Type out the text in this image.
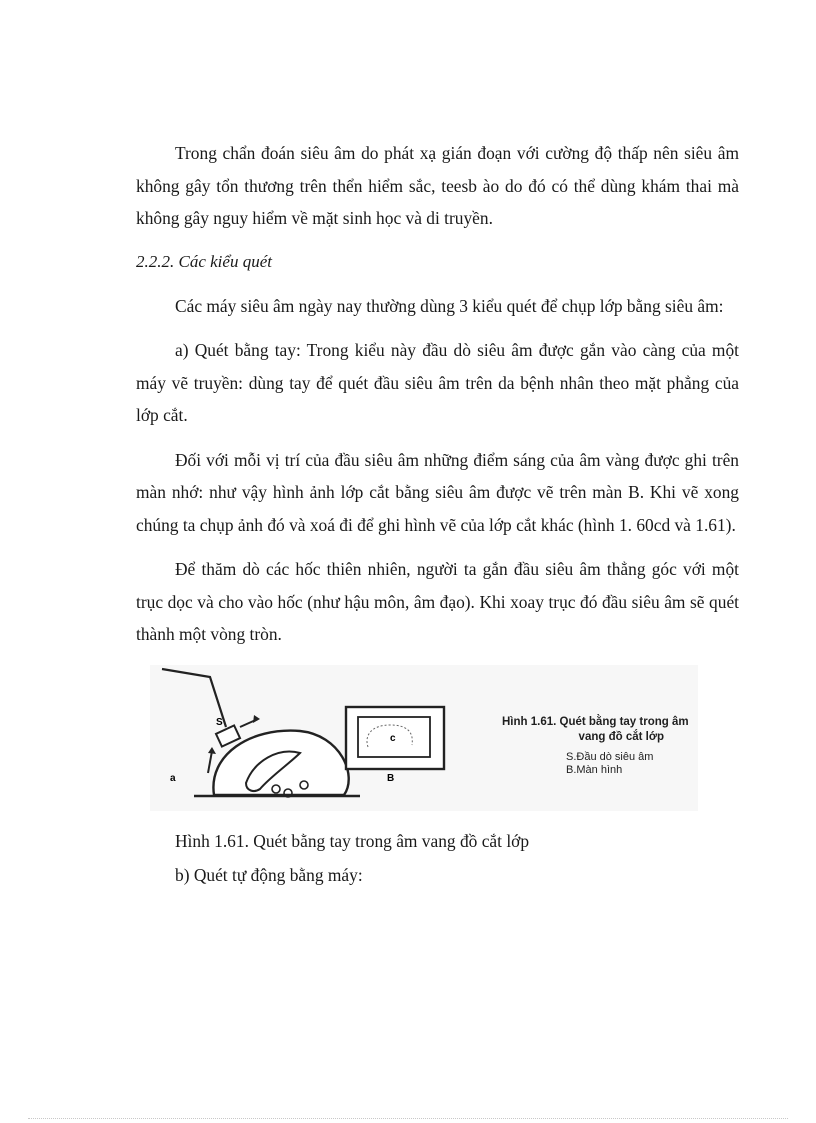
Trong chẩn đoán siêu âm do phát xạ gián đoạn với cường độ thấp nên siêu âm không gây tổn thương trên thển hiểm sắc, teesb ào do đó có thể dùng khám thai mà không gây nguy hiểm về mặt sinh học và di truyền.

2.2.2. Các kiểu quét

Các máy siêu âm ngày nay thường dùng 3 kiểu quét để chụp lớp bằng siêu âm:

a) Quét bằng tay: Trong kiểu này đầu dò siêu âm được gắn vào càng của một máy vẽ truyền: dùng tay để quét đầu siêu âm trên da bệnh nhân theo mặt phẳng của lớp cắt.

Đối với mỗi vị trí của đầu siêu âm những điểm sáng của âm vàng được ghi trên màn nhớ: như vậy hình ảnh lớp cắt bằng siêu âm được vẽ trên màn B. Khi vẽ xong chúng ta chụp ảnh đó và xoá đi để ghi hình vẽ của lớp cắt khác (hình 1. 60cd và 1.61).

Để thăm dò các hốc thiên nhiên, người ta gắn đầu siêu âm thẳng góc với một trục dọc và cho vào hốc (như hậu môn, âm đạo). Khi xoay trục đó đầu siêu âm sẽ quét thành một vòng tròn.

S
a	B
c
Hình 1.61. Quét bằng tay trong âm
vang đồ cắt lớp
S.Đầu dò siêu âm
B.Màn hình

Hình 1.61. Quét bằng tay trong âm vang đồ cắt lớp

b) Quét tự động bằng máy:
